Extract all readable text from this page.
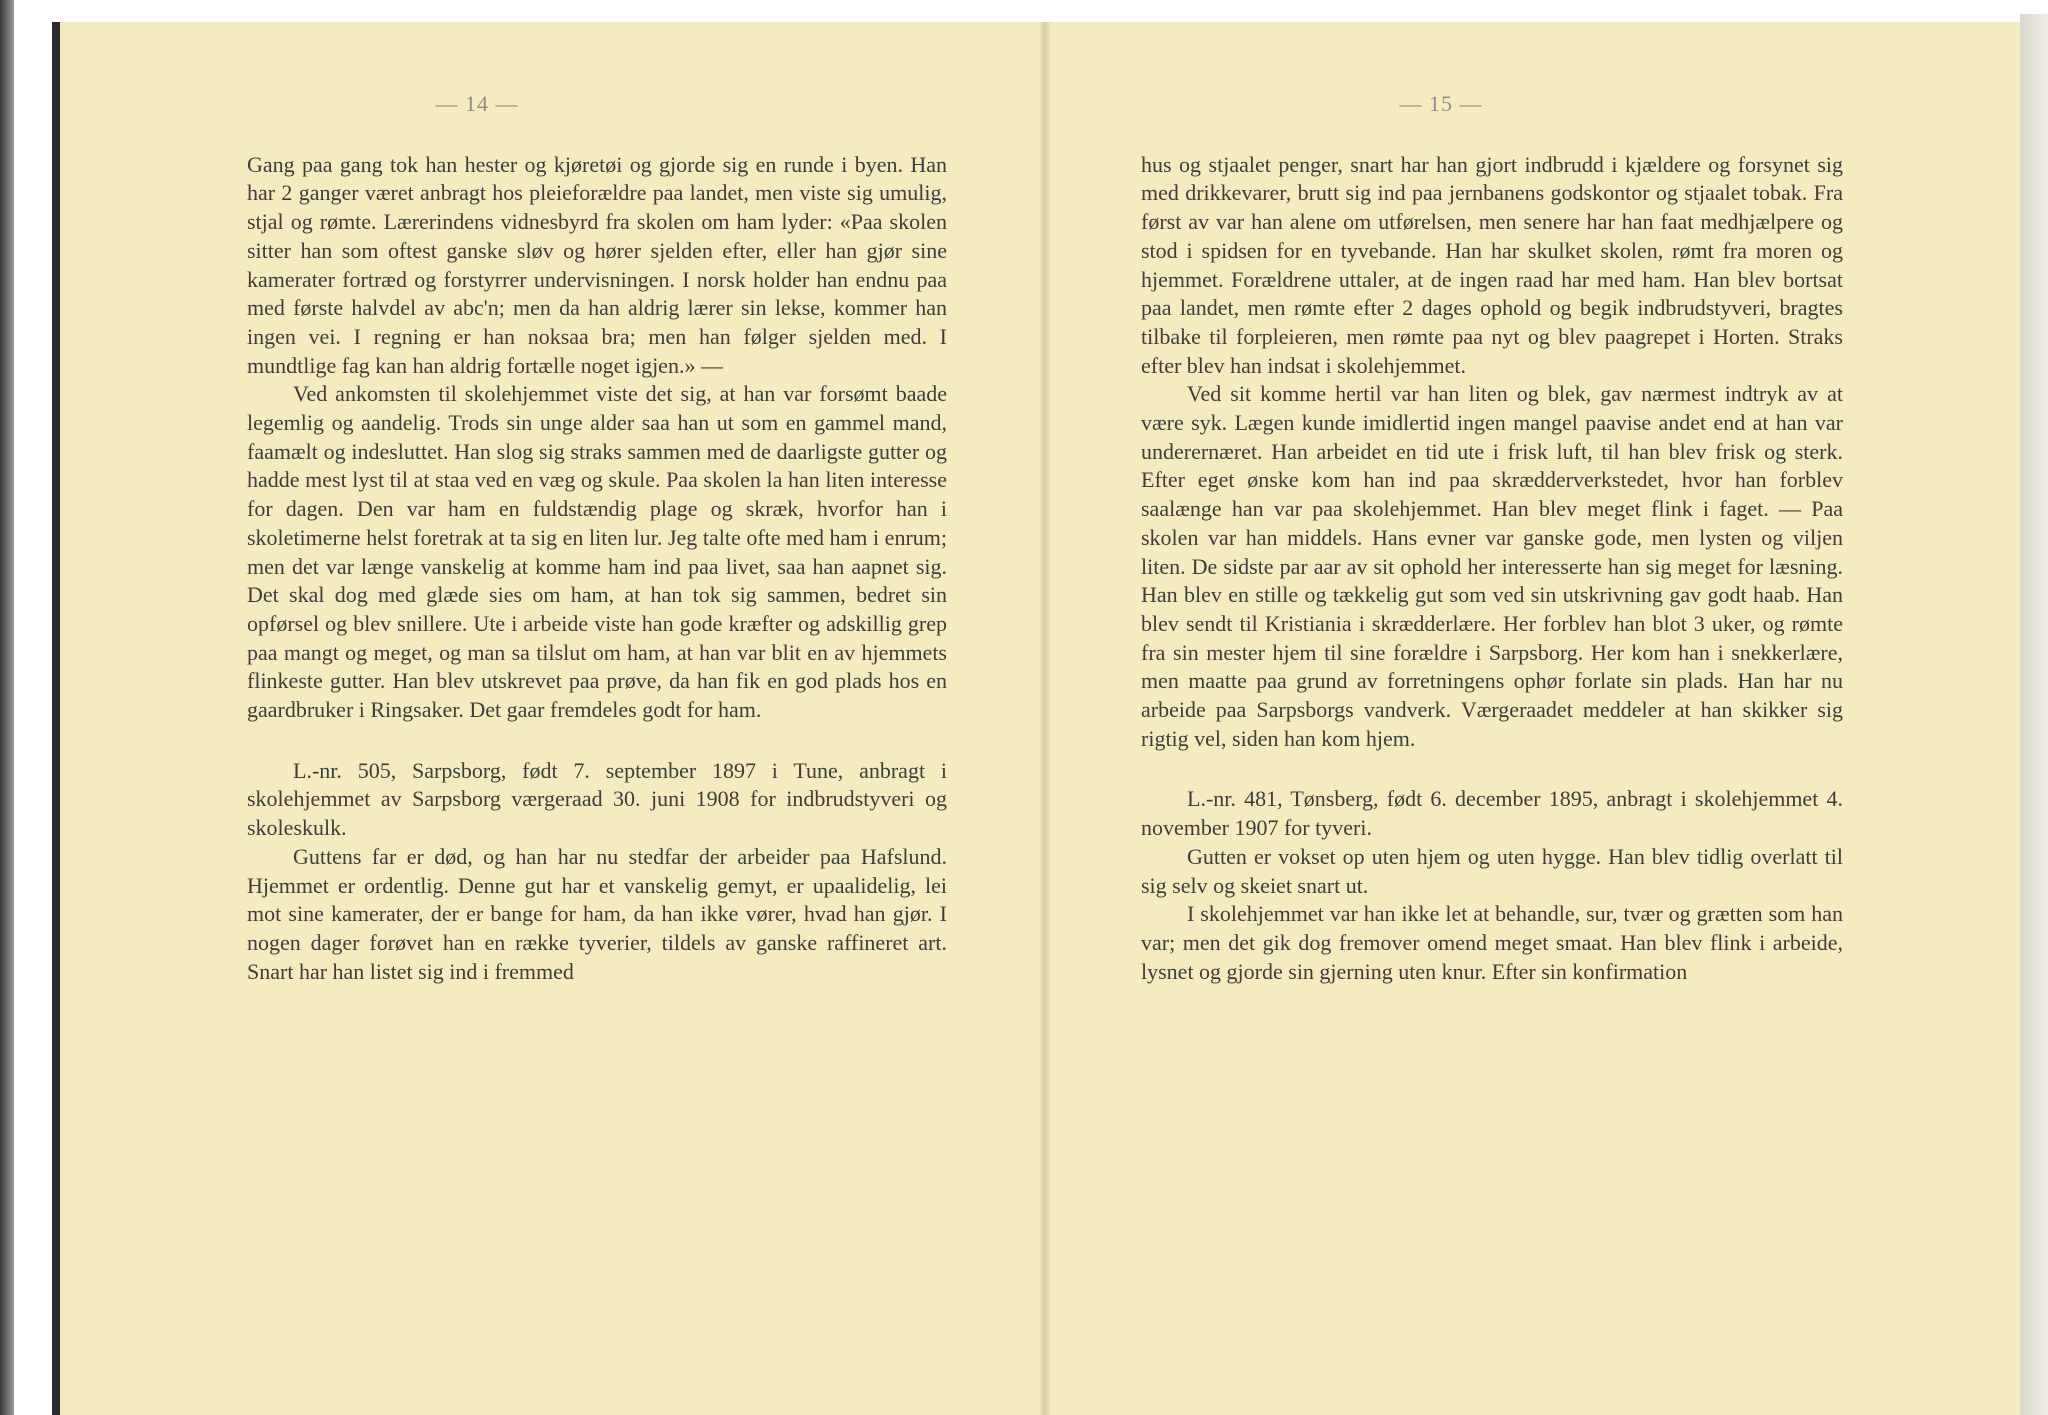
— 14 —

Gang paa gang tok han hester og kjøretøi og gjorde sig en runde i byen. Han har 2 ganger været anbragt hos pleieforældre paa landet, men viste sig umulig, stjal og rømte. Lærerindens vidnesbyrd fra skolen om ham lyder: «Paa skolen sitter han som oftest ganske sløv og hører sjelden efter, eller han gjør sine kamerater fortræd og forstyrrer undervisningen. I norsk holder han endnu paa med første halvdel av abc'n; men da han aldrig lærer sin lekse, kommer han ingen vei. I regning er han noksaa bra; men han følger sjelden med. I mundtlige fag kan han aldrig fortælle noget igjen.» —

Ved ankomsten til skolehjemmet viste det sig, at han var forsømt baade legemlig og aandelig. Trods sin unge alder saa han ut som en gammel mand, faamælt og indesluttet. Han slog sig straks sammen med de daarligste gutter og hadde mest lyst til at staa ved en væg og skule. Paa skolen la han liten interesse for dagen. Den var ham en fuldstændig plage og skræk, hvorfor han i skoletimerne helst foretrak at ta sig en liten lur. Jeg talte ofte med ham i enrum; men det var længe vanskelig at komme ham ind paa livet, saa han aapnet sig. Det skal dog med glæde sies om ham, at han tok sig sammen, bedret sin opførsel og blev snillere. Ute i arbeide viste han gode kræfter og adskillig grep paa mangt og meget, og man sa tilslut om ham, at han var blit en av hjemmets flinkeste gutter. Han blev utskrevet paa prøve, da han fik en god plads hos en gaardbruker i Ringsaker. Det gaar fremdeles godt for ham.

L.-nr. 505, Sarpsborg, født 7. september 1897 i Tune, anbragt i skolehjemmet av Sarpsborg værgeraad 30. juni 1908 for indbrudstyveri og skoleskulk.

Guttens far er død, og han har nu stedfar der arbeider paa Hafslund. Hjemmet er ordentlig. Denne gut har et vanskelig gemyt, er upaalidelig, lei mot sine kamerater, der er bange for ham, da han ikke vører, hvad han gjør. I nogen dager forøvet han en række tyverier, tildels av ganske raffineret art. Snart har han listet sig ind i fremmed

— 15 —

hus og stjaalet penger, snart har han gjort indbrudd i kjældere og forsynet sig med drikkevarer, brutt sig ind paa jernbanens godskontor og stjaalet tobak. Fra først av var han alene om utførelsen, men senere har han faat medhjælpere og stod i spidsen for en tyvebande. Han har skulket skolen, rømt fra moren og hjemmet. Forældrene uttaler, at de ingen raad har med ham. Han blev bortsat paa landet, men rømte efter 2 dages ophold og begik indbrudstyveri, bragtes tilbake til forpleieren, men rømte paa nyt og blev paagrepet i Horten. Straks efter blev han indsat i skolehjemmet.

Ved sit komme hertil var han liten og blek, gav nærmest indtryk av at være syk. Lægen kunde imidlertid ingen mangel paavise andet end at han var underernæret. Han arbeidet en tid ute i frisk luft, til han blev frisk og sterk. Efter eget ønske kom han ind paa skrædderverkstedet, hvor han forblev saalænge han var paa skolehjemmet. Han blev meget flink i faget. — Paa skolen var han middels. Hans evner var ganske gode, men lysten og viljen liten. De sidste par aar av sit ophold her interesserte han sig meget for læsning. Han blev en stille og tækkelig gut som ved sin utskrivning gav godt haab. Han blev sendt til Kristiania i skrædderlære. Her forblev han blot 3 uker, og rømte fra sin mester hjem til sine forældre i Sarpsborg. Her kom han i snekkerlære, men maatte paa grund av forretningens ophør forlate sin plads. Han har nu arbeide paa Sarpsborgs vandverk. Værgeraadet meddeler at han skikker sig rigtig vel, siden han kom hjem.

L.-nr. 481, Tønsberg, født 6. december 1895, anbragt i skolehjemmet 4. november 1907 for tyveri.

Gutten er vokset op uten hjem og uten hygge. Han blev tidlig overlatt til sig selv og skeiet snart ut.

I skolehjemmet var han ikke let at behandle, sur, tvær og grætten som han var; men det gik dog fremover omend meget smaat. Han blev flink i arbeide, lysnet og gjorde sin gjerning uten knur. Efter sin konfirmation
